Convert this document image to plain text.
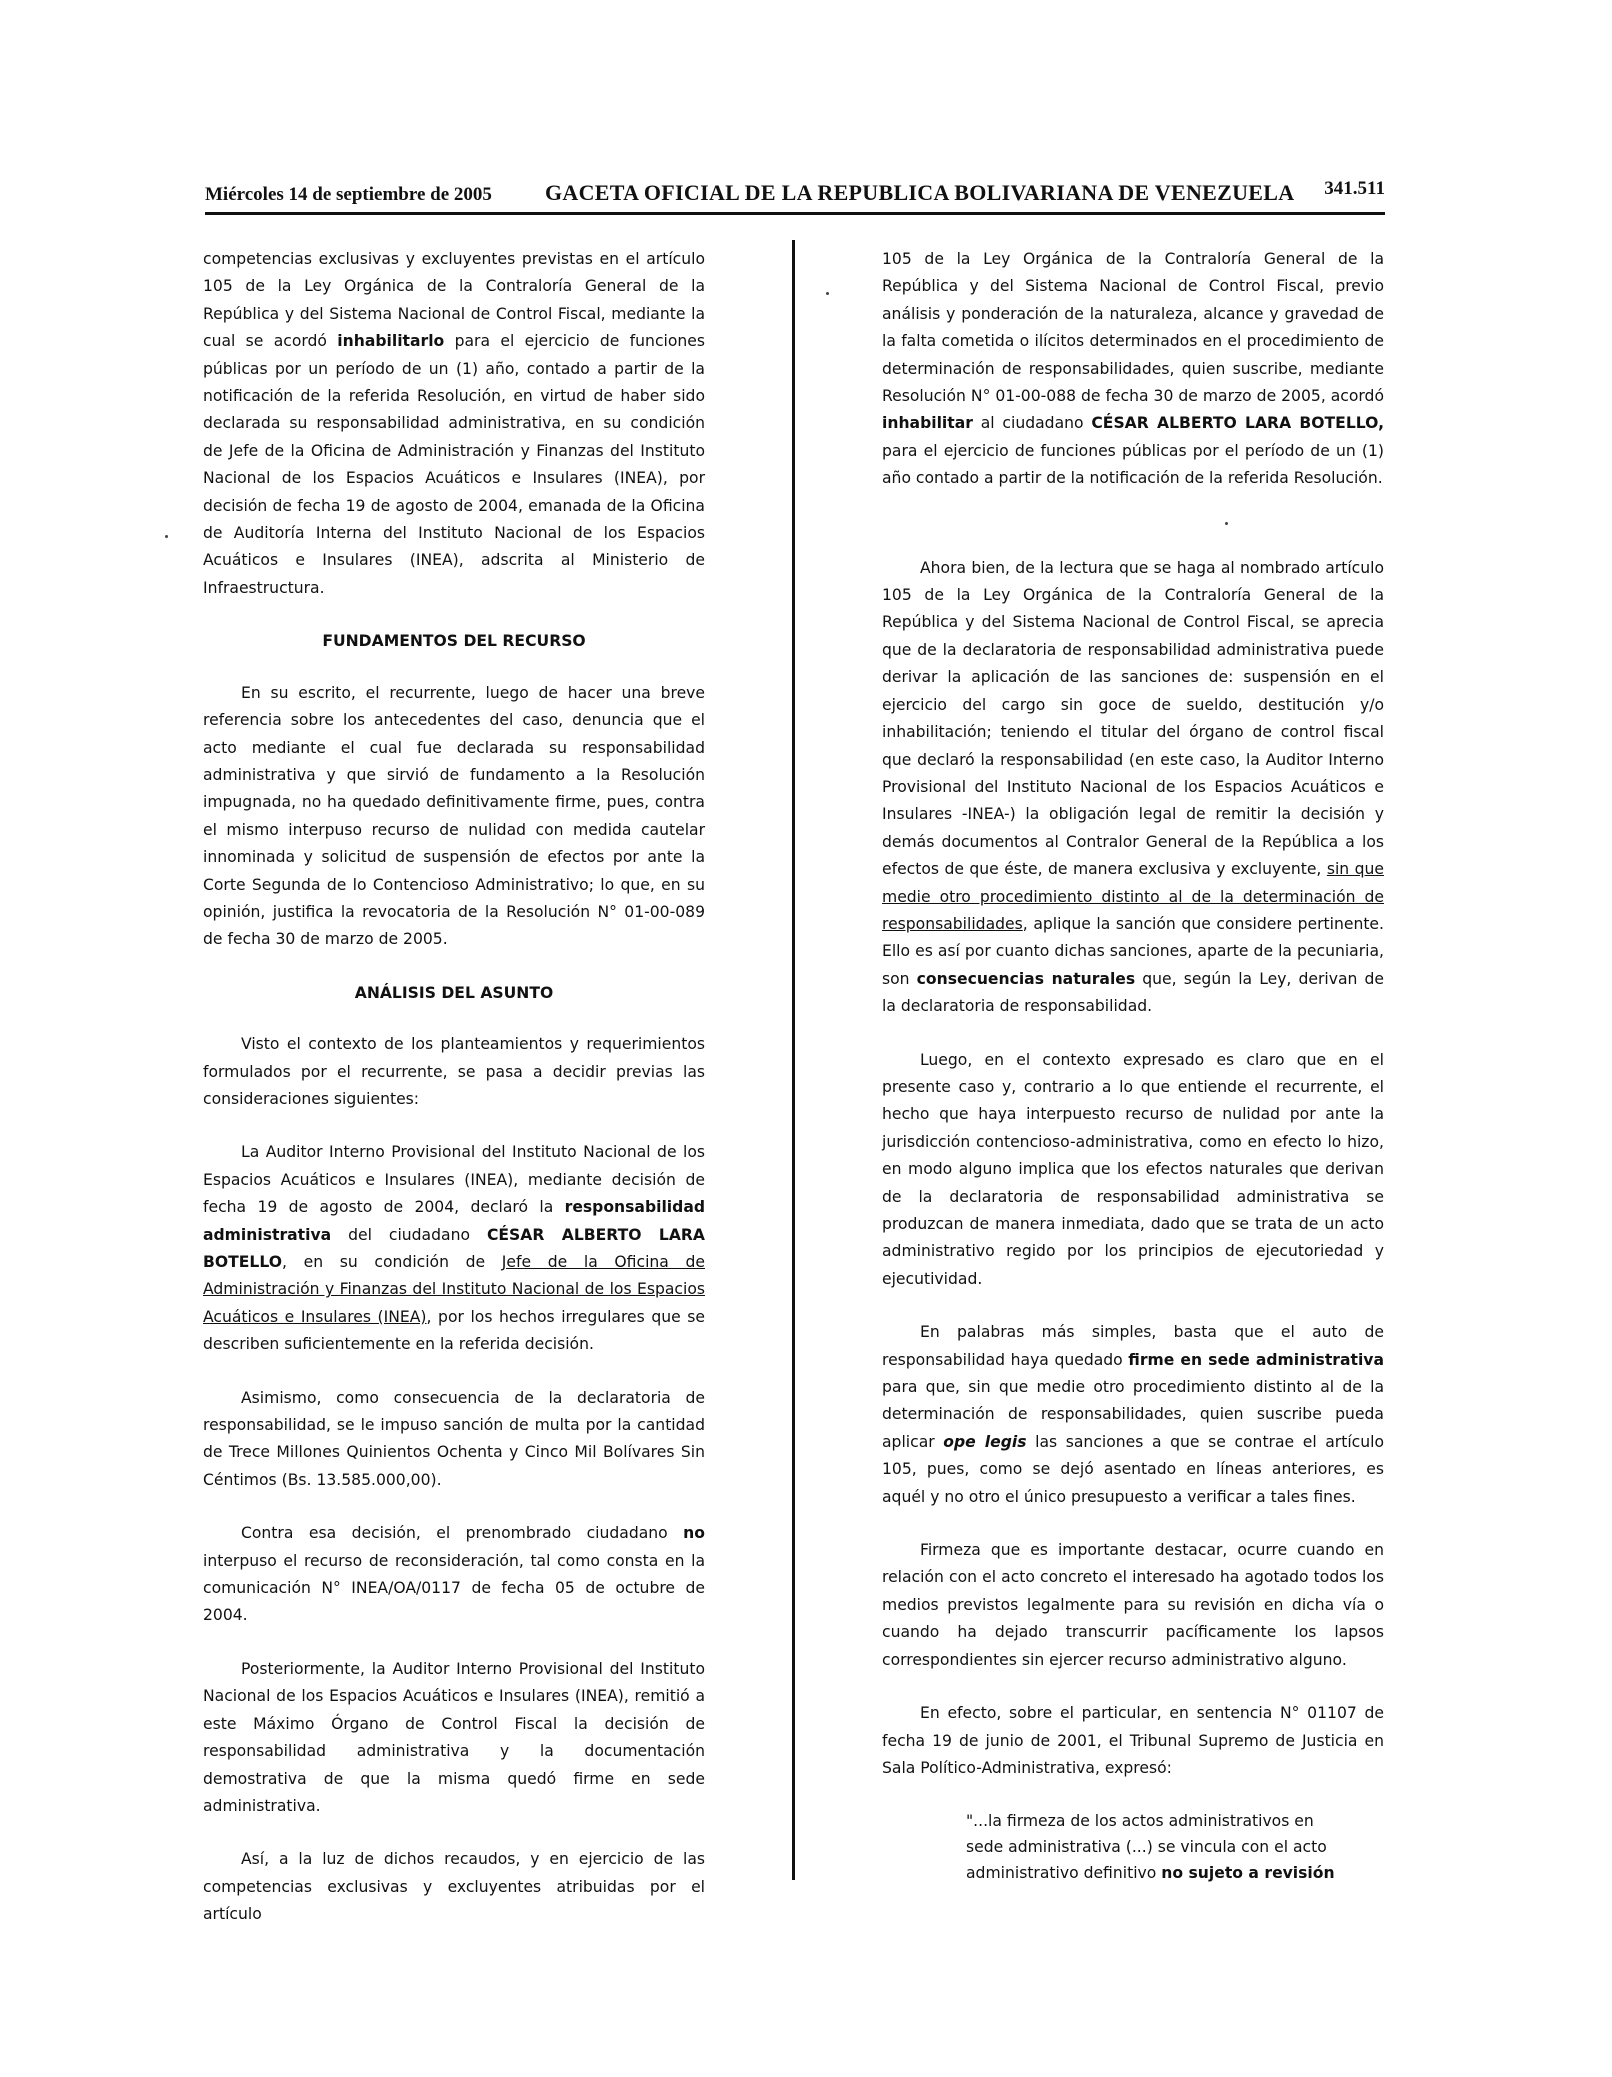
Miércoles 14 de septiembre de 2005 GACETA OFICIAL DE LA REPUBLICA BOLIVARIANA DE VENEZUELA 341.511

competencias exclusivas y excluyentes previstas en el artículo 105 de la Ley Orgánica de la Contraloría General de la República y del Sistema Nacional de Control Fiscal, mediante la cual se acordó inhabilitarlo para el ejercicio de funciones públicas por un período de un (1) año, contado a partir de la notificación de la referida Resolución, en virtud de haber sido declarada su responsabilidad administrativa, en su condición de Jefe de la Oficina de Administración y Finanzas del Instituto Nacional de los Espacios Acuáticos e Insulares (INEA), por decisión de fecha 19 de agosto de 2004, emanada de la Oficina de Auditoría Interna del Instituto Nacional de los Espacios Acuáticos e Insulares (INEA), adscrita al Ministerio de Infraestructura.

FUNDAMENTOS DEL RECURSO

En su escrito, el recurrente, luego de hacer una breve referencia sobre los antecedentes del caso, denuncia que el acto mediante el cual fue declarada su responsabilidad administrativa y que sirvió de fundamento a la Resolución impugnada, no ha quedado definitivamente firme, pues, contra el mismo interpuso recurso de nulidad con medida cautelar innominada y solicitud de suspensión de efectos por ante la Corte Segunda de lo Contencioso Administrativo; lo que, en su opinión, justifica la revocatoria de la Resolución N° 01-00-089 de fecha 30 de marzo de 2005.

ANÁLISIS DEL ASUNTO

Visto el contexto de los planteamientos y requerimientos formulados por el recurrente, se pasa a decidir previas las consideraciones siguientes:

La Auditor Interno Provisional del Instituto Nacional de los Espacios Acuáticos e Insulares (INEA), mediante decisión de fecha 19 de agosto de 2004, declaró la responsabilidad administrativa del ciudadano CÉSAR ALBERTO LARA BOTELLO, en su condición de Jefe de la Oficina de Administración y Finanzas del Instituto Nacional de los Espacios Acuáticos e Insulares (INEA), por los hechos irregulares que se describen suficientemente en la referida decisión.

Asimismo, como consecuencia de la declaratoria de responsabilidad, se le impuso sanción de multa por la cantidad de Trece Millones Quinientos Ochenta y Cinco Mil Bolívares Sin Céntimos (Bs. 13.585.000,00).

Contra esa decisión, el prenombrado ciudadano no interpuso el recurso de reconsideración, tal como consta en la comunicación N° INEA/OA/0117 de fecha 05 de octubre de 2004.

Posteriormente, la Auditor Interno Provisional del Instituto Nacional de los Espacios Acuáticos e Insulares (INEA), remitió a este Máximo Órgano de Control Fiscal la decisión de responsabilidad administrativa y la documentación demostrativa de que la misma quedó firme en sede administrativa.

Así, a la luz de dichos recaudos, y en ejercicio de las competencias exclusivas y excluyentes atribuidas por el artículo

105 de la Ley Orgánica de la Contraloría General de la República y del Sistema Nacional de Control Fiscal, previo análisis y ponderación de la naturaleza, alcance y gravedad de la falta cometida o ilícitos determinados en el procedimiento de determinación de responsabilidades, quien suscribe, mediante Resolución N° 01-00-088 de fecha 30 de marzo de 2005, acordó inhabilitar al ciudadano CÉSAR ALBERTO LARA BOTELLO, para el ejercicio de funciones públicas por el período de un (1) año contado a partir de la notificación de la referida Resolución.

Ahora bien, de la lectura que se haga al nombrado artículo 105 de la Ley Orgánica de la Contraloría General de la República y del Sistema Nacional de Control Fiscal, se aprecia que de la declaratoria de responsabilidad administrativa puede derivar la aplicación de las sanciones de: suspensión en el ejercicio del cargo sin goce de sueldo, destitución y/o inhabilitación; teniendo el titular del órgano de control fiscal que declaró la responsabilidad (en este caso, la Auditor Interno Provisional del Instituto Nacional de los Espacios Acuáticos e Insulares -INEA-) la obligación legal de remitir la decisión y demás documentos al Contralor General de la República a los efectos de que éste, de manera exclusiva y excluyente, sin que medie otro procedimiento distinto al de la determinación de responsabilidades, aplique la sanción que considere pertinente. Ello es así por cuanto dichas sanciones, aparte de la pecuniaria, son consecuencias naturales que, según la Ley, derivan de la declaratoria de responsabilidad.

Luego, en el contexto expresado es claro que en el presente caso y, contrario a lo que entiende el recurrente, el hecho que haya interpuesto recurso de nulidad por ante la jurisdicción contencioso-administrativa, como en efecto lo hizo, en modo alguno implica que los efectos naturales que derivan de la declaratoria de responsabilidad administrativa se produzcan de manera inmediata, dado que se trata de un acto administrativo regido por los principios de ejecutoriedad y ejecutividad.

En palabras más simples, basta que el auto de responsabilidad haya quedado firme en sede administrativa para que, sin que medie otro procedimiento distinto al de la determinación de responsabilidades, quien suscribe pueda aplicar ope legis las sanciones a que se contrae el artículo 105, pues, como se dejó asentado en líneas anteriores, es aquél y no otro el único presupuesto a verificar a tales fines.

Firmeza que es importante destacar, ocurre cuando en relación con el acto concreto el interesado ha agotado todos los medios previstos legalmente para su revisión en dicha vía o cuando ha dejado transcurrir pacíficamente los lapsos correspondientes sin ejercer recurso administrativo alguno.

En efecto, sobre el particular, en sentencia N° 01107 de fecha 19 de junio de 2001, el Tribunal Supremo de Justicia en Sala Político-Administrativa, expresó:

"...la firmeza de los actos administrativos en sede administrativa (...) se vincula con el acto administrativo definitivo no sujeto a revisión
